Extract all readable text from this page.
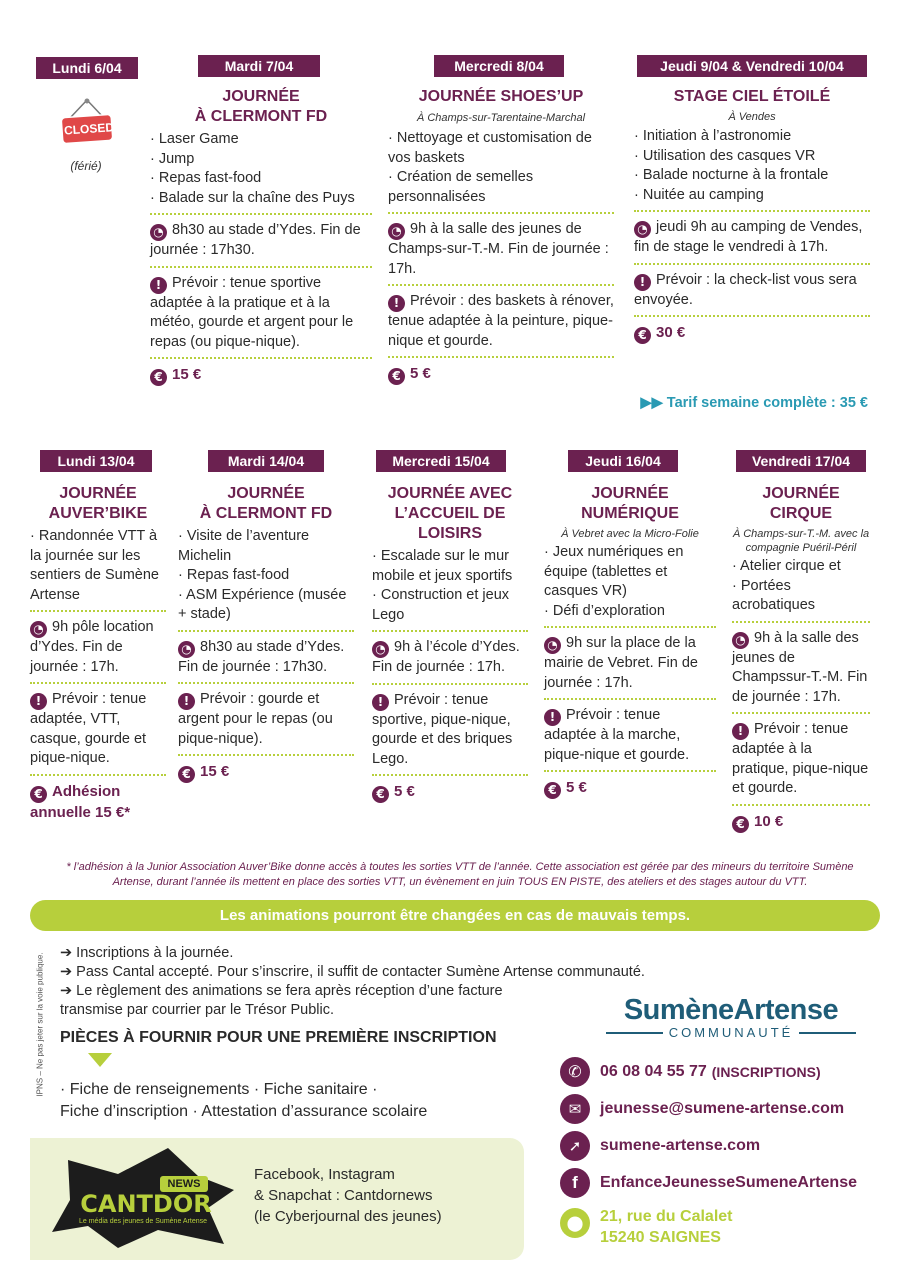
Lundi 6/04
CLOSED
(férié)
Mardi 7/04
JOURNÉE
À CLERMONT FD
· Laser Game
· Jump
· Repas fast-food
· Balade sur la chaîne des Puys
◔ 8h30 au stade d’Ydes. Fin de journée : 17h30.
! Prévoir : tenue sportive adaptée à la pratique et à la météo, gourde et argent pour le repas (ou pique-nique).
€ 15 €
Mercredi 8/04
JOURNÉE SHOES’UP
À Champs-sur-Tarentaine-Marchal
· Nettoyage et customisation de vos baskets
· Création de semelles personnalisées
◔ 9h à la salle des jeunes de Champs-sur-T.-M. Fin de journée : 17h.
! Prévoir : des baskets à rénover, tenue adaptée à la peinture, pique-nique et gourde.
€ 5 €
Jeudi 9/04 & Vendredi 10/04
STAGE CIEL ÉTOILÉ
À Vendes
· Initiation à l’astronomie
· Utilisation des casques VR
· Balade nocturne à la frontale
· Nuitée au camping
◔ jeudi 9h au camping de Vendes, fin de stage le vendredi à 17h.
! Prévoir : la check-list vous sera envoyée.
€ 30 €
▶▶ Tarif semaine complète : 35 €
Lundi 13/04
JOURNÉE
AUVER’BIKE
· Randonnée VTT à la journée sur les sentiers de Sumène Artense
◔ 9h pôle location d’Ydes. Fin de journée : 17h.
! Prévoir : tenue adaptée, VTT, casque, gourde et pique-nique.
€ Adhésion annuelle 15 €*
Mardi 14/04
JOURNÉE
À CLERMONT FD
· Visite de l’aventure Michelin
· Repas fast-food
· ASM Expérience (musée + stade)
◔ 8h30 au stade d’Ydes. Fin de journée : 17h30.
! Prévoir : gourde et argent pour le repas (ou pique-nique).
€ 15 €
Mercredi 15/04
JOURNÉE AVEC
L’ACCUEIL DE
LOISIRS
· Escalade sur le mur mobile et jeux sportifs
· Construction et jeux Lego
◔ 9h à l’école d’Ydes. Fin de journée : 17h.
! Prévoir : tenue sportive, pique-nique, gourde et des briques Lego.
€ 5 €
Jeudi 16/04
JOURNÉE
NUMÉRIQUE
À Vebret avec la Micro-Folie
· Jeux numériques en équipe (tablettes et casques VR)
· Défi d’exploration
◔ 9h sur la place de la mairie de Vebret. Fin de journée : 17h.
! Prévoir : tenue adaptée à la marche, pique-nique et gourde.
€ 5 €
Vendredi 17/04
JOURNÉE
CIRQUE
À Champs-sur-T.-M. avec la compagnie Puéril-Péril
· Atelier cirque et
· Portées acrobatiques
◔ 9h à la salle des jeunes de Champssur-T.-M. Fin de journée : 17h.
! Prévoir : tenue adaptée à la pratique, pique-nique et gourde.
€ 10 €
* l’adhésion à la Junior Association Auver’Bike donne accès à toutes les sorties VTT de l’année. Cette association est gérée par des mineurs du territoire Sumène Artense, durant l’année ils mettent en place des sorties VTT, un évènement en juin TOUS EN PISTE, des ateliers et des stages autour du VTT.
Les animations pourront être changées en cas de mauvais temps.
IPNS – Ne pas jeter sur la voie publique. ➔ Inscriptions à la journée.
➔ Pass Cantal accepté. Pour s’inscrire, il suffit de contacter Sumène Artense communauté.
➔ Le règlement des animations se fera après réception d’une facture transmise par courrier par le Trésor Public.
PIÈCES À FOURNIR POUR UNE PREMIÈRE INSCRIPTION
· Fiche de renseignements · Fiche sanitaire ·
Fiche d’inscription · Attestation d’assurance scolaire
NEWS
CANTDOR
Le média des jeunes de Sumène Artense
Facebook, Instagram
& Snapchat : Cantdornews
(le Cyberjournal des jeunes)
SumèneArtense
COMMUNAUTÉ
✆	06 08 04 55 77 (INSCRIPTIONS)
✉	jeunesse@sumene-artense.com
➚	sumene-artense.com
f	EnfanceJeunesseSumeneArtense
⬤	21, rue du Calalet
15240 SAIGNES
